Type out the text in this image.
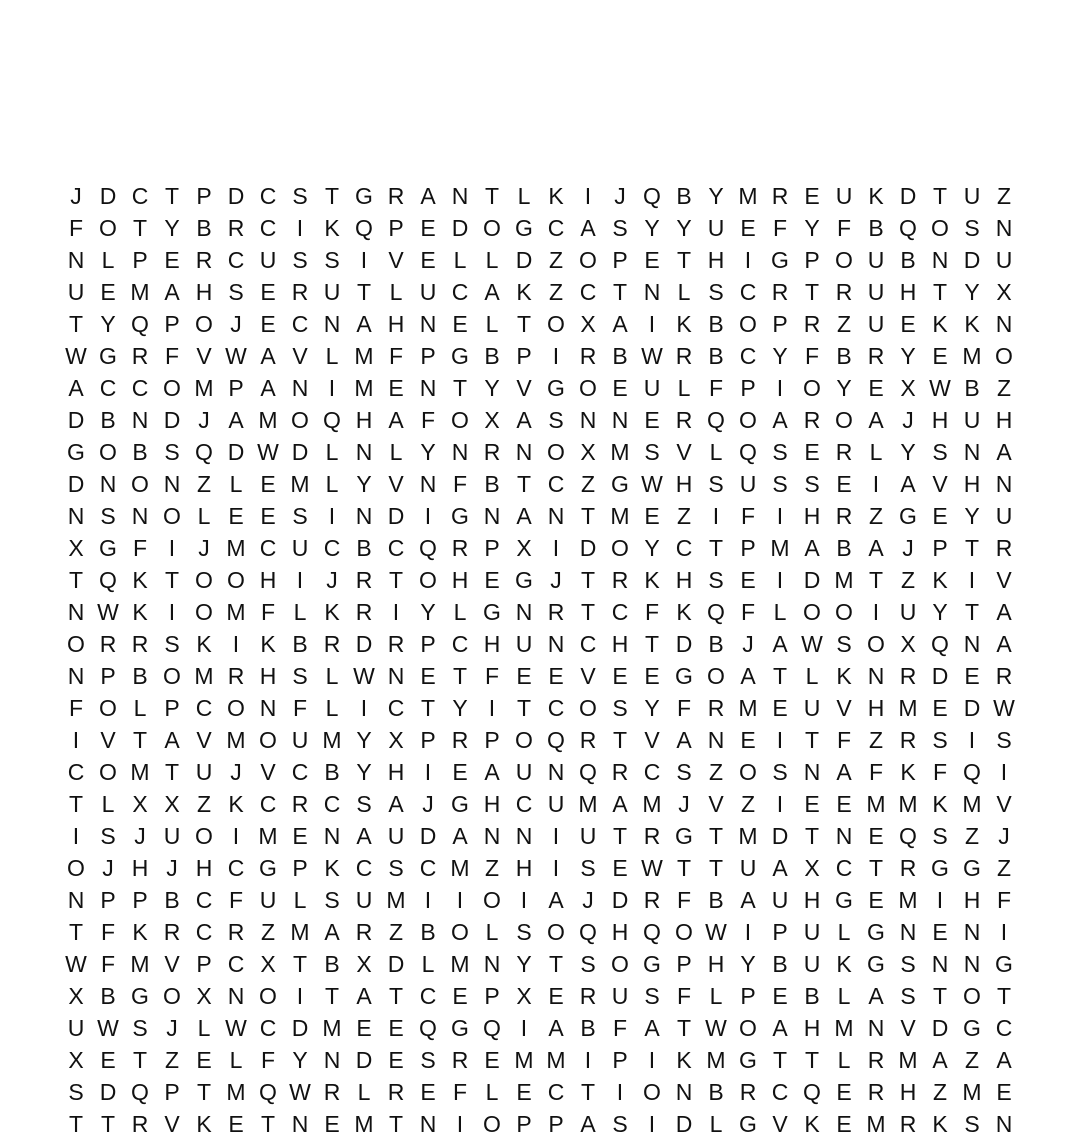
J D C T P D C S T G R A N T L K I	J Q B Y M R E U K D T U Z
F O T Y B R C I K Q P E D O G C A S Y Y U E F Y F B Q O S N
N L P E R C U S S I V E L L D Z O P E T H I G P O U B N D U
U E M A H S E R U T L U C A K Z C T N L S C R T R U H T Y X
T Y Q P O J E C N A H N E L T O X A I K B O P R Z U E K K N
W G R F V W A V L M F P G B P I R B W R B C Y F B R Y E M O
A C C O M P A N I M E N T Y V G O E U L F P I O Y E X W B Z
D B N D J A M O Q H A F O X A S N N E R Q O A R O A J H U H
G O B S Q D W D L N L Y N R N O X M S V L Q S E R L Y S N A
D N O N Z L E M L Y V N F B T C Z G W H S U S S E I A V H N
N S N O L E E S I N D I G N A N T M E Z I F I H R Z G E Y U
X G F I	J M C U C B C Q R P X I D O Y C T P M A B A J P T R
T Q K T O O H I	J R T O H E G J T R K H S E I D M T Z K I V
N W K I O M F L K R I Y L G N R T C F K Q F L O O I U Y T A
O R R S K I K B R D R P C H U N C H T D B J A W S O X Q N A
N P B O M R H S L W N E T F E E V E E G O A T L K N R D E R
F O L P C O N F L I C T Y I T C O S Y F R M E U V H M E D W
I V T A V M O U M Y X P R P O Q R T V A N E I T F Z R S I S
C O M T U J V C B Y H I E A U N Q R C S Z O S N A F K F Q I
T L X X Z K C R C S A J G H C U M A M J V Z I E E M M K M V
I S J U O I M E N A U D A N N I U T R G T M D T N E Q S Z J
O J H J H C G P K C S C M Z H I S E W T T U A X C T R G G Z
N P P B C F U L S U M I	I O I A J D R F B A U H G E M I H F
T F K R C R Z M A R Z B O L S O Q H Q O W I P U L G N E N I
W F M V P C X T B X D L M N Y T S O G P H Y B U K G S N N G
X B G O X N O I T A T C E P X E R U S F L P E B L A S T O T
U W S J L W C D M E E Q G Q I A B F A T W O A H M N V D G C
X E T Z E L F Y N D E S R E M M I P I K M G T T L R M A Z A
S D Q P T M Q W R L R E F L E C T I O N B R C Q E R H Z M E
T T R V K E T N E M T N I O P P A S I D L G V K E M R K S N
